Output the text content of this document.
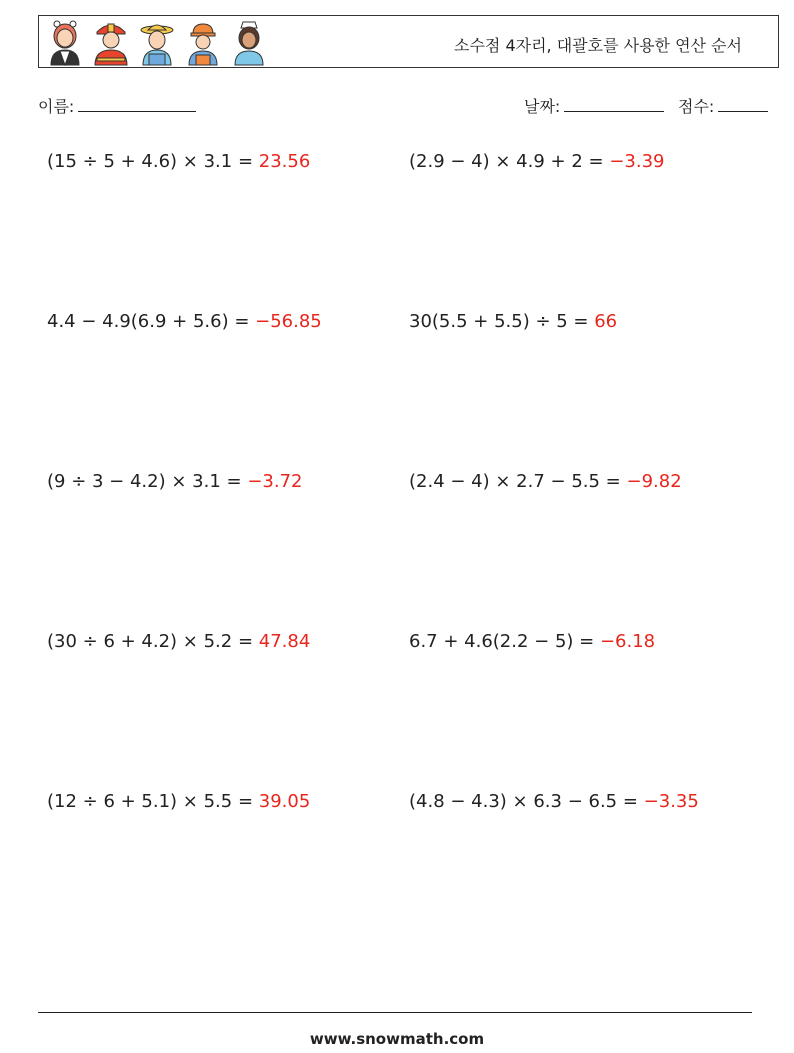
소수점 4자리, 대괄호를 사용한 연산 순서
이름:	날짜:	점수:
(15 ÷ 5 + 4.6) × 3.1 = 23.56	(2.9 − 4) × 4.9 + 2 = −3.39
4.4 − 4.9(6.9 + 5.6) = −56.85	30(5.5 + 5.5) ÷ 5 = 66
(9 ÷ 3 − 4.2) × 3.1 = −3.72	(2.4 − 4) × 2.7 − 5.5 = −9.82
(30 ÷ 6 + 4.2) × 5.2 = 47.84	6.7 + 4.6(2.2 − 5) = −6.18
(12 ÷ 6 + 5.1) × 5.5 = 39.05	(4.8 − 4.3) × 6.3 − 6.5 = −3.35
www.snowmath.com
